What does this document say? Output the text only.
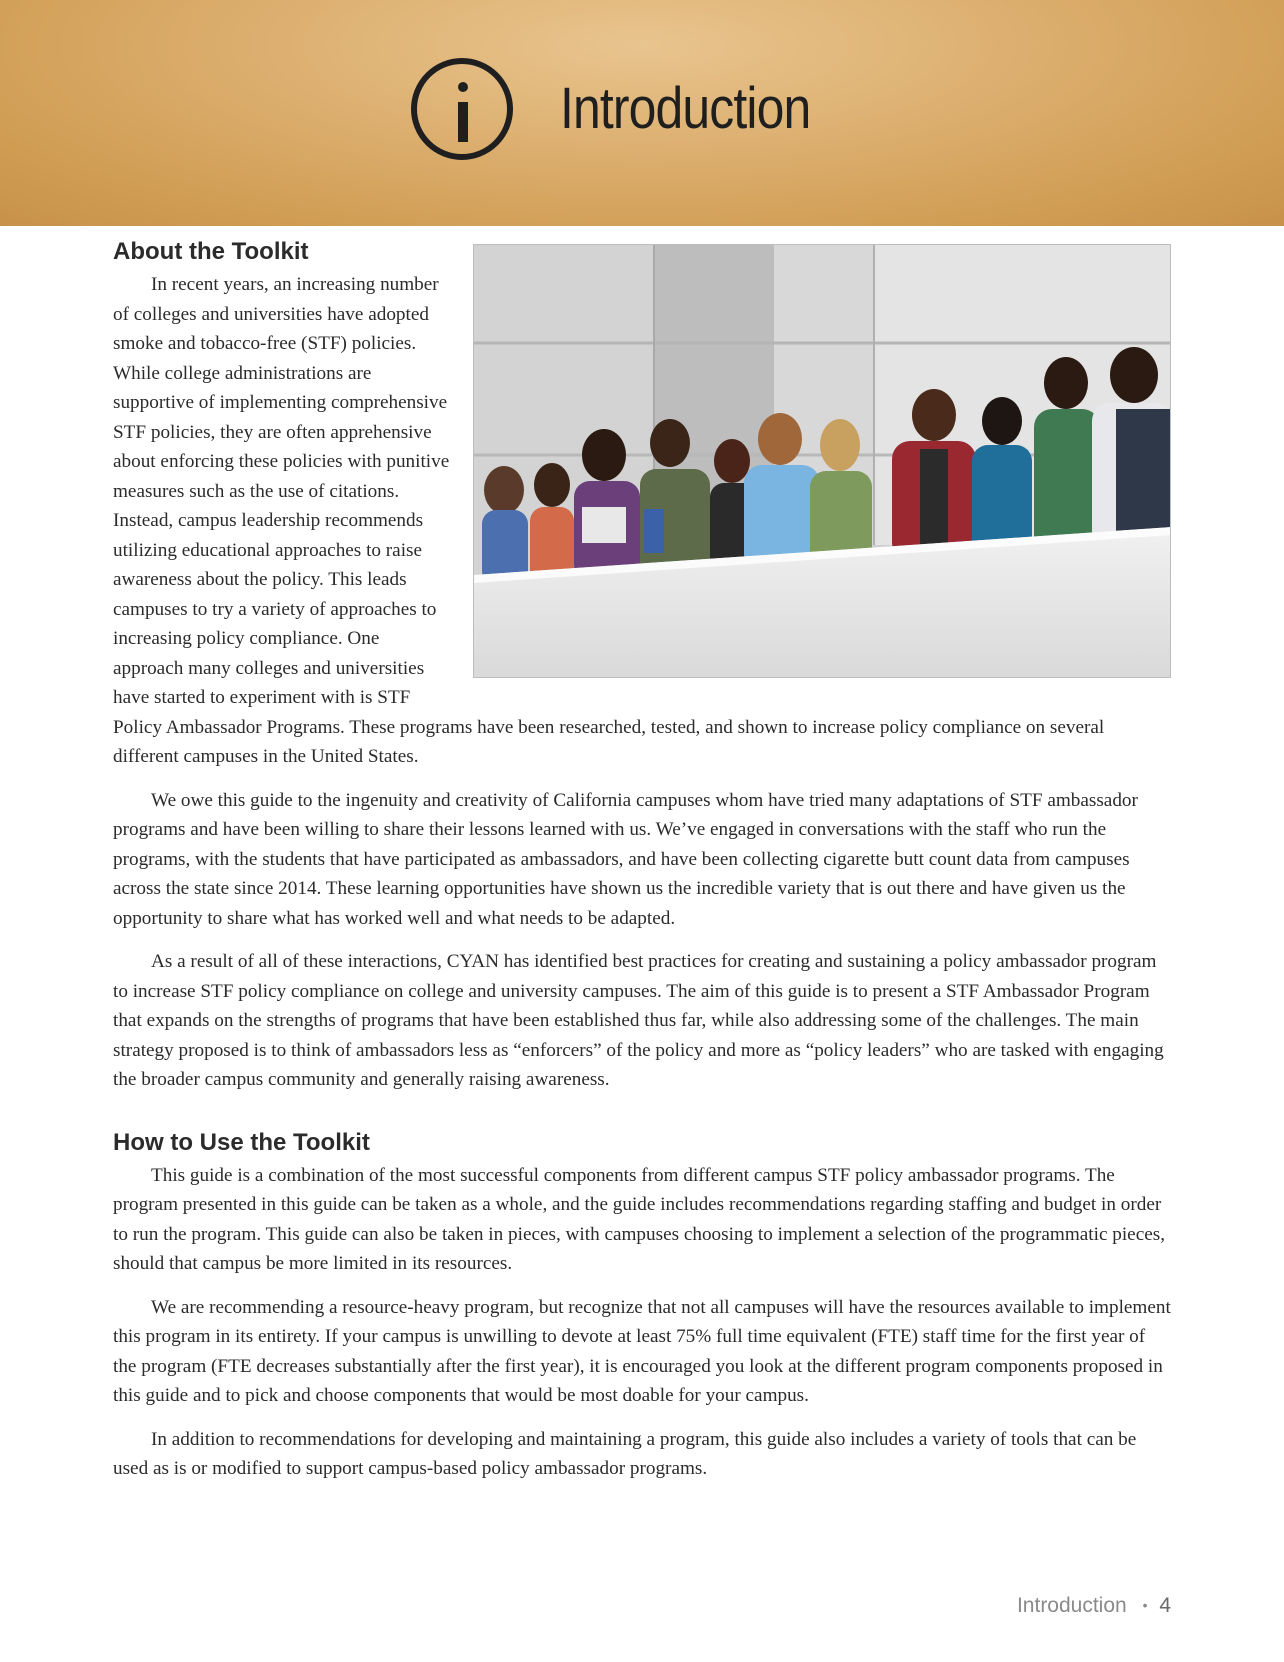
Introduction
About the Toolkit

In recent years, an increasing number of colleges and universities have adopted smoke and tobacco-free (STF) policies. While college administrations are supportive of implementing comprehensive STF policies, they are often apprehensive about enforcing these policies with punitive measures such as the use of citations. Instead, campus leadership recommends utilizing educational approaches to raise awareness about the policy. This leads campuses to try a variety of approaches to increasing policy compliance. One approach many colleges and universities have started to experiment with is STF Policy Ambassador Programs. These programs have been researched, tested, and shown to increase policy compliance on several different campuses in the United States.

We owe this guide to the ingenuity and creativity of California campuses whom have tried many adaptations of STF ambassador programs and have been willing to share their lessons learned with us. We’ve engaged in conversations with the staff who run the programs, with the students that have participated as ambassadors, and have been collecting cigarette butt count data from campuses across the state since 2014. These learning opportunities have shown us the incredible variety that is out there and have given us the opportunity to share what has worked well and what needs to be adapted.

As a result of all of these interactions, CYAN has identified best practices for creating and sustaining a policy ambassador program to increase STF policy compliance on college and university campuses. The aim of this guide is to present a STF Ambassador Program that expands on the strengths of programs that have been established thus far, while also addressing some of the challenges. The main strategy proposed is to think of ambassadors less as “enforcers” of the policy and more as “policy leaders” who are tasked with engaging the broader campus community and generally raising awareness.

How to Use the Toolkit

This guide is a combination of the most successful components from different campus STF policy ambassador programs. The program presented in this guide can be taken as a whole, and the guide includes recommendations regarding staffing and budget in order to run the program. This guide can also be taken in pieces, with campuses choosing to implement a selection of the programmatic pieces, should that campus be more limited in its resources.

We are recommending a resource-heavy program, but recognize that not all campuses will have the resources available to implement this program in its entirety. If your campus is unwilling to devote at least 75% full time equivalent (FTE) staff time for the first year of the program (FTE decreases substantially after the first year), it is encouraged you look at the different program components proposed in this guide and to pick and choose components that would be most doable for your campus.

In addition to recommendations for developing and maintaining a program, this guide also includes a variety of tools that can be used as is or modified to support campus-based policy ambassador programs.

Introduction • 4
